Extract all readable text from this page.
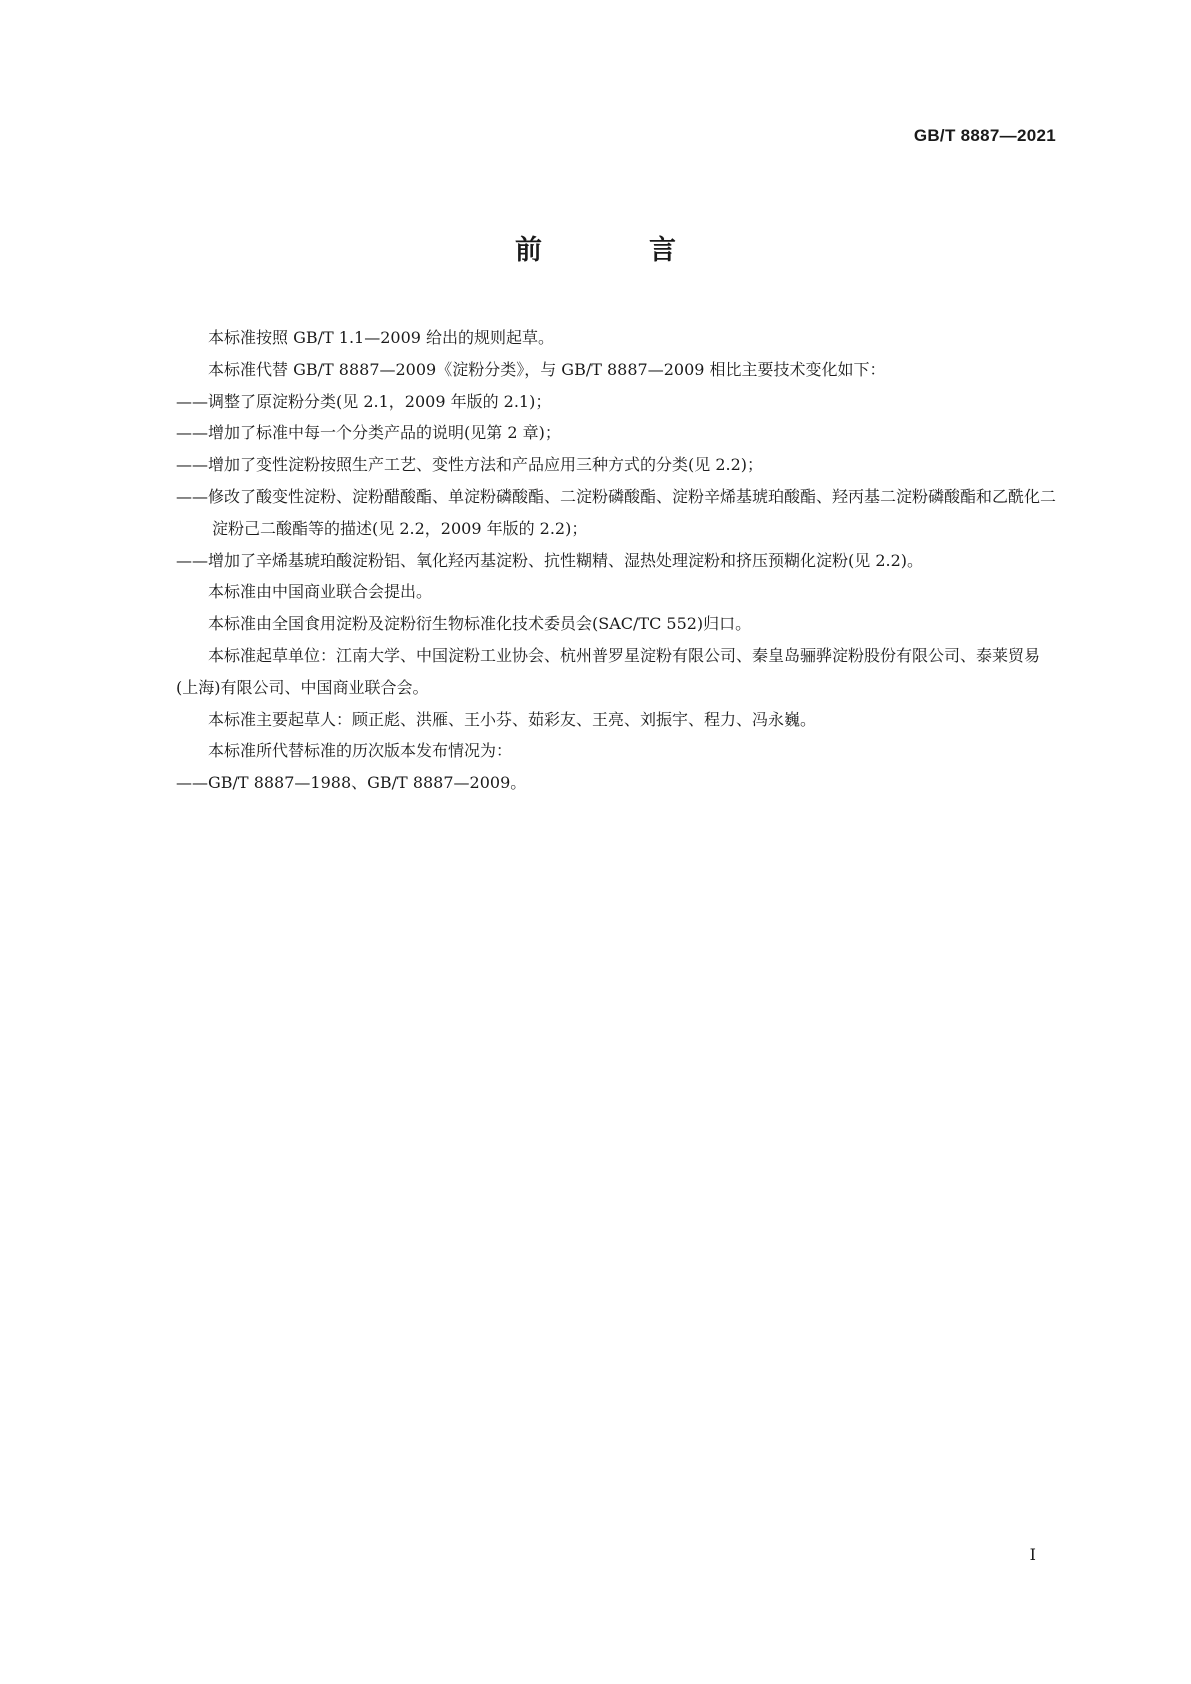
GB/T 8887—2021
前　言

本标准按照 GB/T 1.1—2009 给出的规则起草。

本标准代替 GB/T 8887—2009《淀粉分类》，与 GB/T 8887—2009 相比主要技术变化如下：

——调整了原淀粉分类(见 2.1，2009 年版的 2.1)；

——增加了标准中每一个分类产品的说明(见第 2 章)；

——增加了变性淀粉按照生产工艺、变性方法和产品应用三种方式的分类(见 2.2)；

——修改了酸变性淀粉、淀粉醋酸酯、单淀粉磷酸酯、二淀粉磷酸酯、淀粉辛烯基琥珀酸酯、羟丙基二淀粉磷酸酯和乙酰化二淀粉己二酸酯等的描述(见 2.2，2009 年版的 2.2)；

——增加了辛烯基琥珀酸淀粉铝、氧化羟丙基淀粉、抗性糊精、湿热处理淀粉和挤压预糊化淀粉(见 2.2)。

本标准由中国商业联合会提出。

本标准由全国食用淀粉及淀粉衍生物标准化技术委员会(SAC/TC 552)归口。

本标准起草单位：江南大学、中国淀粉工业协会、杭州普罗星淀粉有限公司、秦皇岛骊骅淀粉股份有限公司、泰莱贸易(上海)有限公司、中国商业联合会。

本标准主要起草人：顾正彪、洪雁、王小芬、茹彩友、王亮、刘振宇、程力、冯永巍。

本标准所代替标准的历次版本发布情况为：

——GB/T 8887—1988、GB/T 8887—2009。

I
